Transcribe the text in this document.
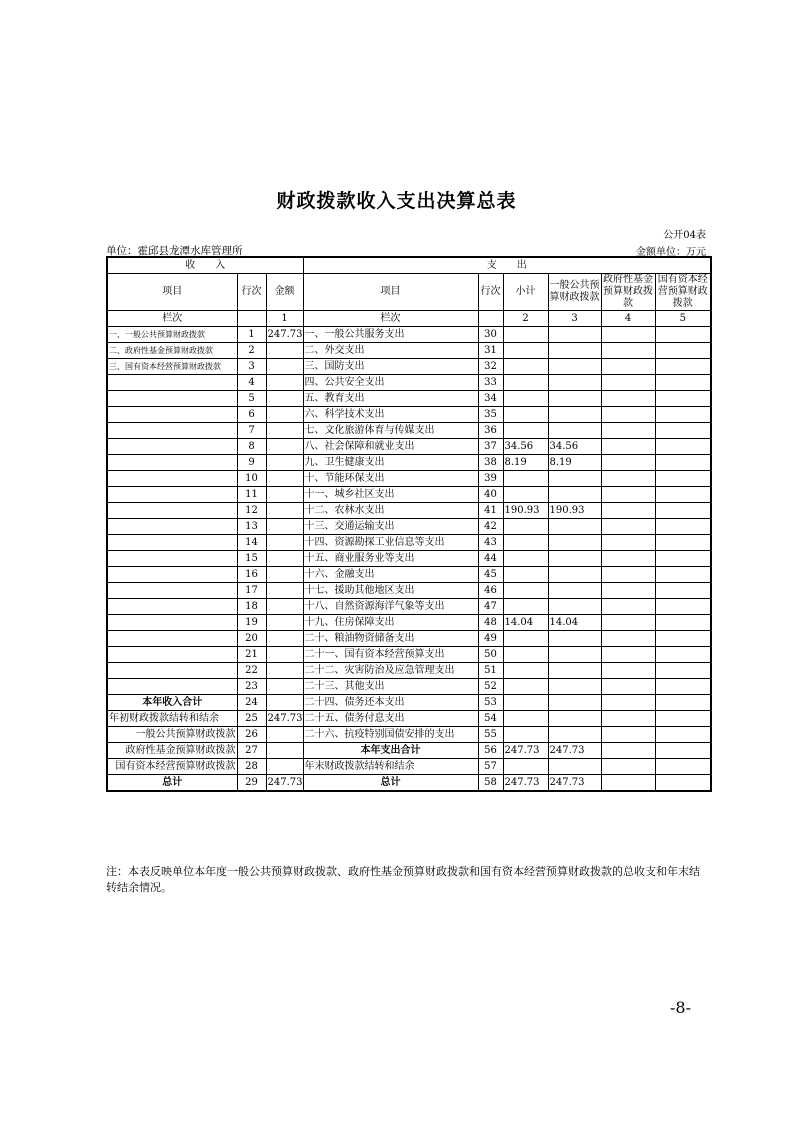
财政拨款收入支出决算总表
公开04表
单位：霍邱县龙潭水库管理所	金额单位：万元
收　　入			支　　出					
项目	行次	金额	项目	行次	小计	一般公共预算财政拨款	政府性基金预算财政拨款	国有资本经营预算财政拨款
栏次		1	栏次		2	3	4	5
一、一般公共预算财政拨款	1	247.73	一、一般公共服务支出	30				
二、政府性基金预算财政拨款	2		二、外交支出	31				
三、国有资本经营预算财政拨款	3		三、国防支出	32				
	4		四、公共安全支出	33				
	5		五、教育支出	34				
	6		六、科学技术支出	35				
	7		七、文化旅游体育与传媒支出	36				
	8		八、社会保障和就业支出	37	34.56	34.56		
	9		九、卫生健康支出	38	8.19	8.19		
	10		十、节能环保支出	39				
	11		十一、城乡社区支出	40				
	12		十二、农林水支出	41	190.93	190.93		
	13		十三、交通运输支出	42				
	14		十四、资源勘探工业信息等支出	43				
	15		十五、商业服务业等支出	44				
	16		十六、金融支出	45				
	17		十七、援助其他地区支出	46				
	18		十八、自然资源海洋气象等支出	47				
	19		十九、住房保障支出	48	14.04	14.04		
	20		二十、粮油物资储备支出	49				
	21		二十一、国有资本经营预算支出	50				
	22		二十二、灾害防治及应急管理支出	51				
	23		二十三、其他支出	52				
本年收入合计	24		二十四、债务还本支出	53				
年初财政拨款结转和结余	25	247.73	二十五、债务付息支出	54				
一般公共预算财政拨款	26		二十六、抗疫特别国债安排的支出	55				
政府性基金预算财政拨款	27		本年支出合计	56	247.73	247.73		
国有资本经营预算财政拨款	28		年末财政拨款结转和结余	57				
总计	29	247.73	总计	58	247.73	247.73		
注：本表反映单位本年度一般公共预算财政拨款、政府性基金预算财政拨款和国有资本经营预算财政拨款的总收支和年末结转结余情况。
-8-
